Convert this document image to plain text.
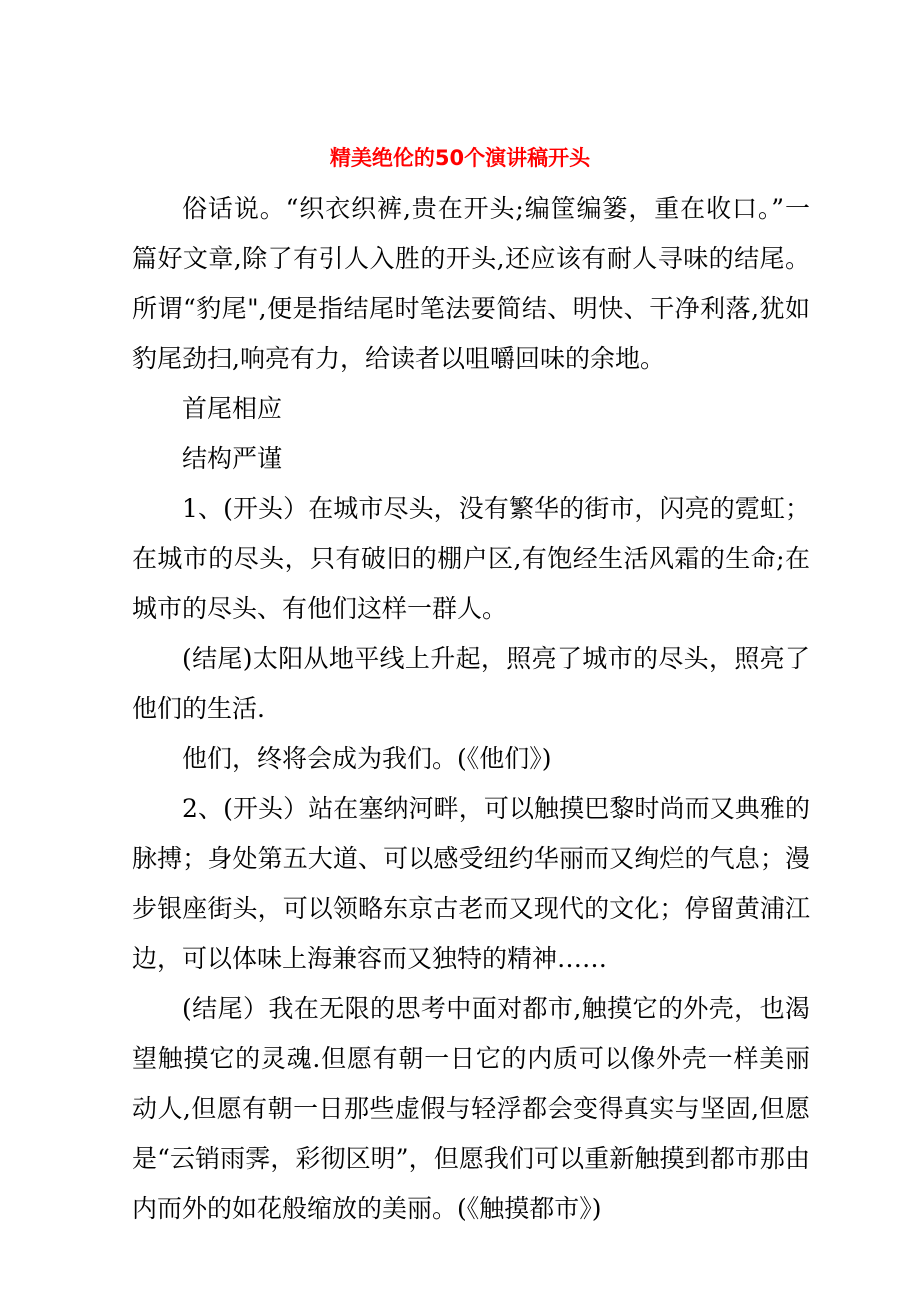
精美绝伦的50个演讲稿开头

俗话说。“织衣织裤,贵在开头;编筐编篓，重在收口。”一篇好文章,除了有引人入胜的开头,还应该有耐人寻味的结尾。所谓“豹尾",便是指结尾时笔法要简结、明快、干净利落,犹如豹尾劲扫,响亮有力，给读者以咀嚼回味的余地。

首尾相应

结构严谨

1、(开头）在城市尽头，没有繁华的街市，闪亮的霓虹；在城市的尽头，只有破旧的棚户区,有饱经生活风霜的生命;在城市的尽头、有他们这样一群人。

(结尾)太阳从地平线上升起，照亮了城市的尽头，照亮了他们的生活.

他们，终将会成为我们。(《他们》)

2、(开头）站在塞纳河畔，可以触摸巴黎时尚而又典雅的脉搏；身处第五大道、可以感受纽约华丽而又绚烂的气息；漫步银座街头，可以领略东京古老而又现代的文化；停留黄浦江边，可以体味上海兼容而又独特的精神……

(结尾）我在无限的思考中面对都市,触摸它的外壳，也渴望触摸它的灵魂.但愿有朝一日它的内质可以像外壳一样美丽动人,但愿有朝一日那些虚假与轻浮都会变得真实与坚固,但愿是“云销雨霁，彩彻区明”，但愿我们可以重新触摸到都市那由内而外的如花般缩放的美丽。(《触摸都市》)
